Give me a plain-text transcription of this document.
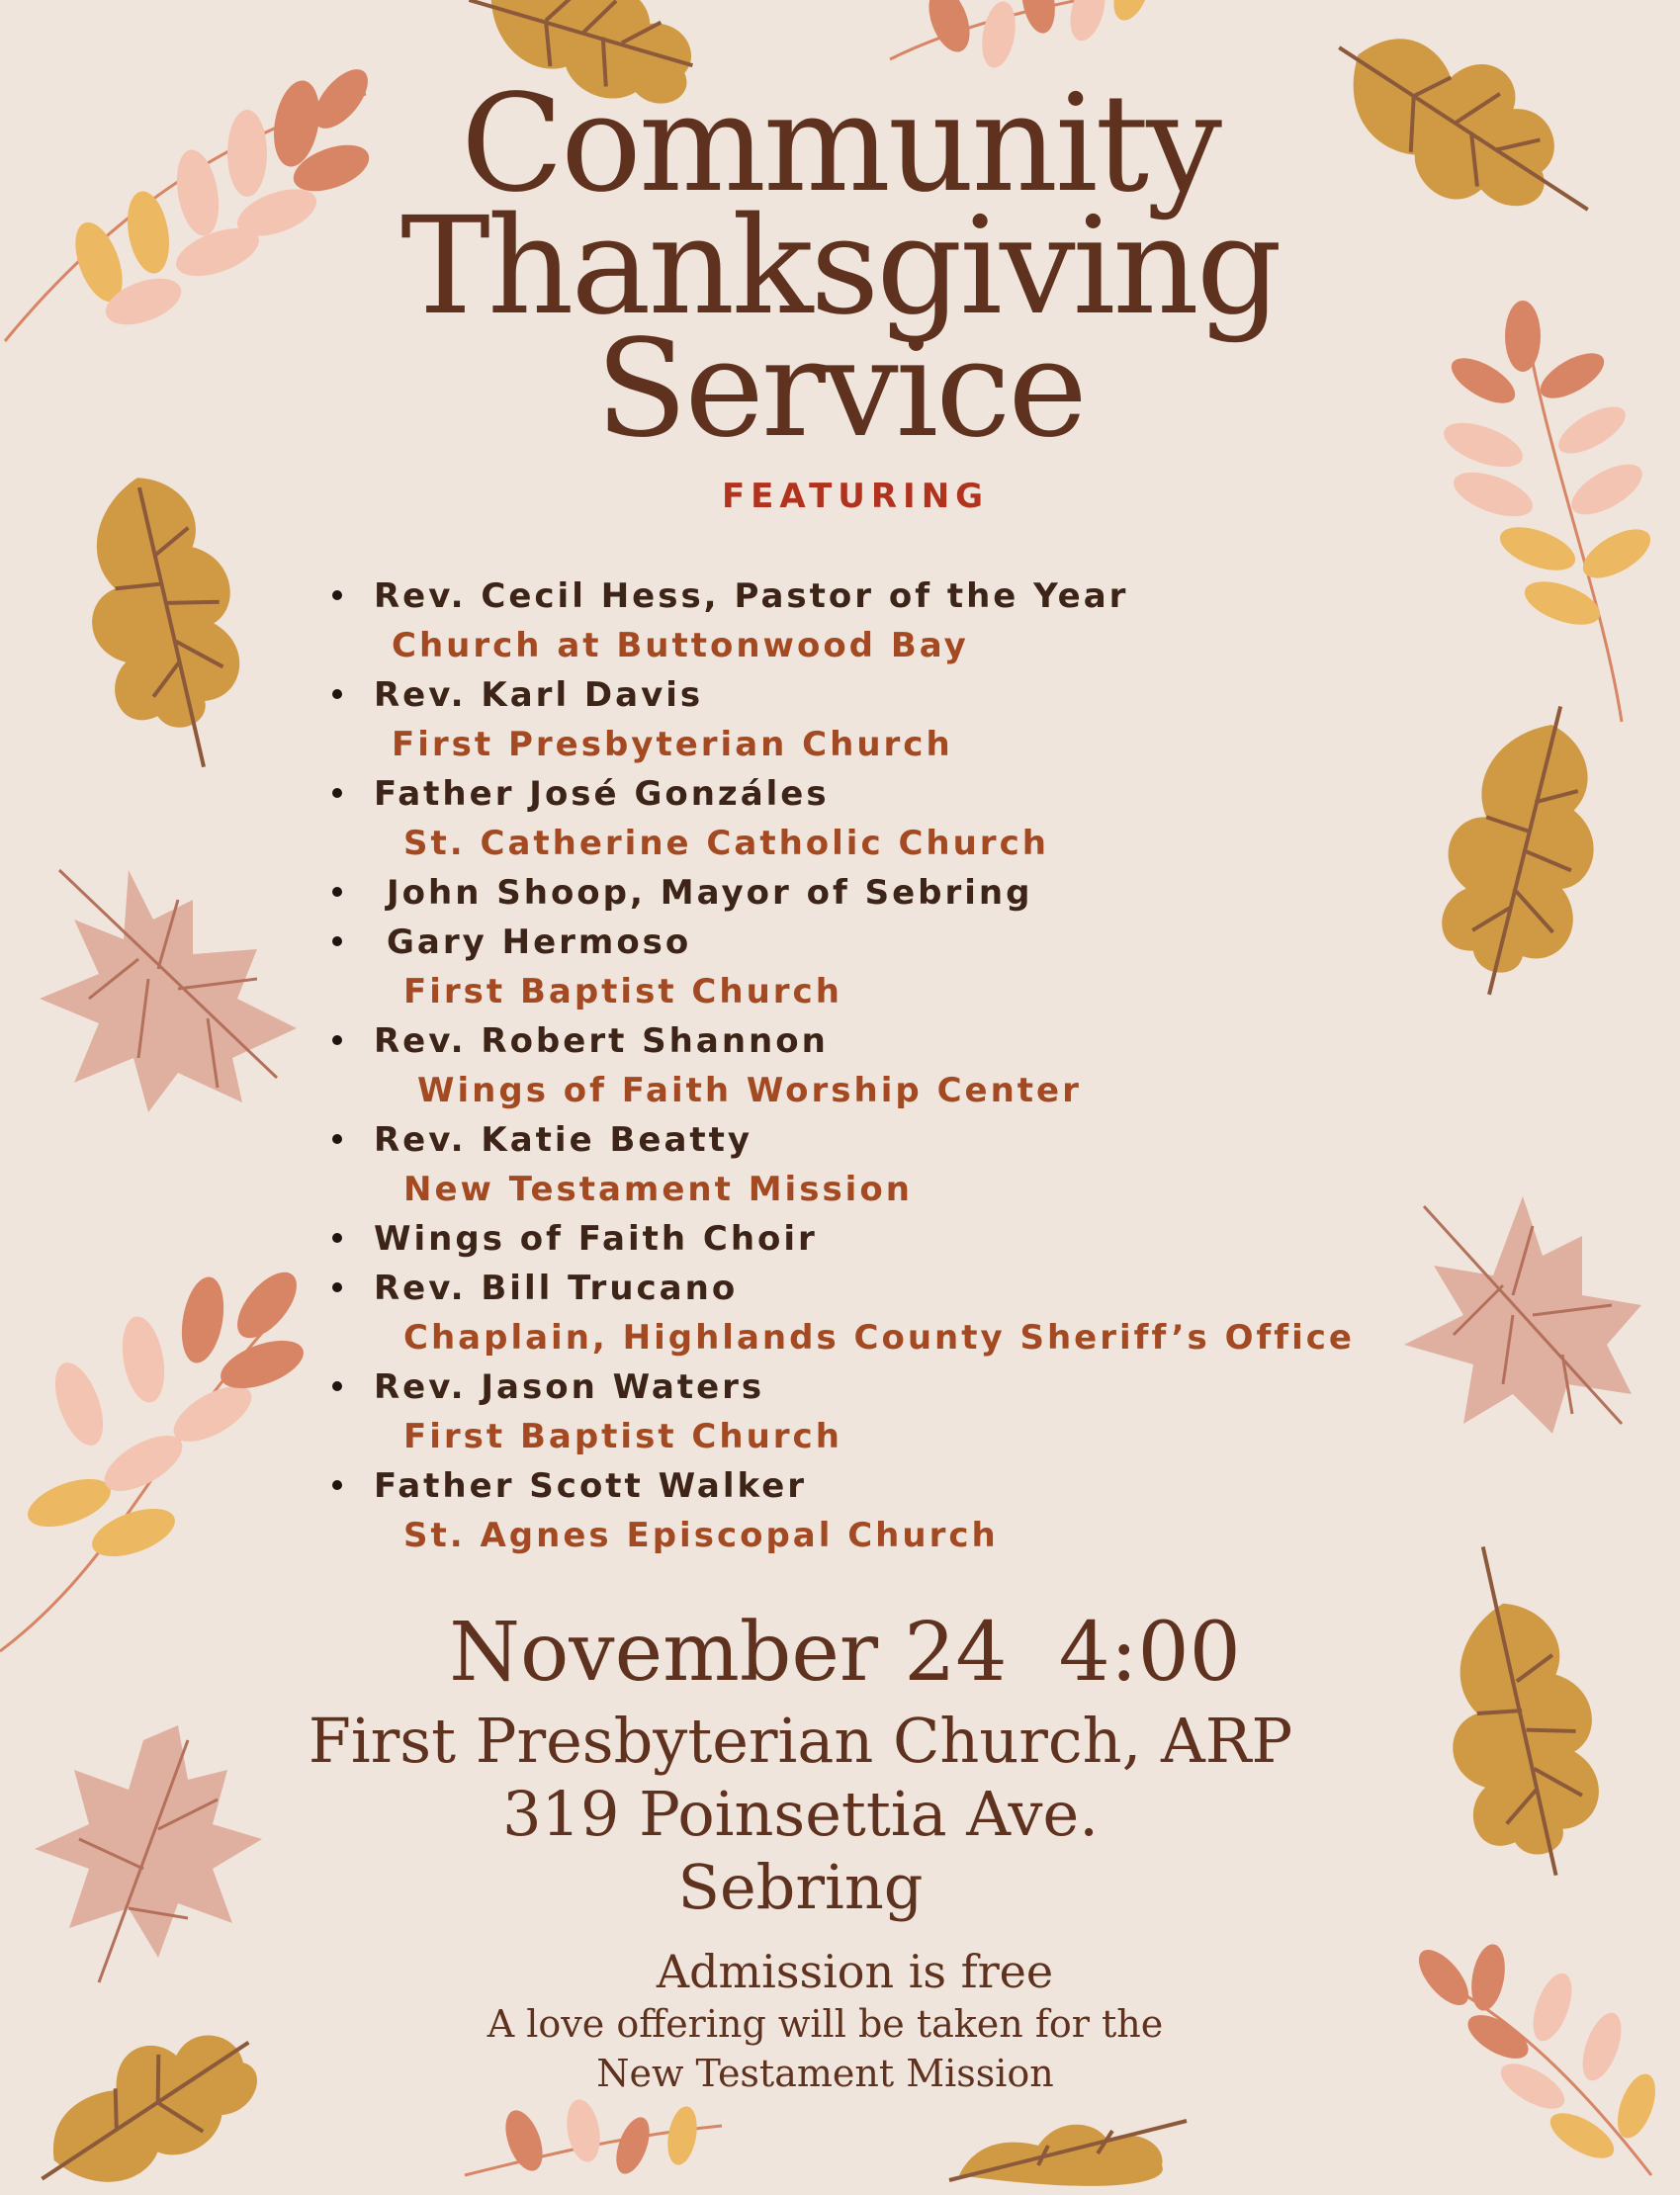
Community
Thanksgiving
Service
FEATURING
Rev. Cecil Hess, Pastor of the Year
Church at Buttonwood Bay
Rev. Karl Davis
First Presbyterian Church
Father José Gonzáles
St. Catherine Catholic Church
John Shoop, Mayor of Sebring
Gary Hermoso
First Baptist Church
Rev. Robert Shannon
Wings of Faith Worship Center
Rev. Katie Beatty
New Testament Mission
Wings of Faith Choir
Rev. Bill Trucano
Chaplain, Highlands County Sheriff’s Office
Rev. Jason Waters
First Baptist Church
Father Scott Walker
St. Agnes Episcopal Church
November 24  4:00
First Presbyterian Church, ARP
319 Poinsettia Ave.
Sebring
Admission is free
A love offering will be taken for the
New Testament Mission
